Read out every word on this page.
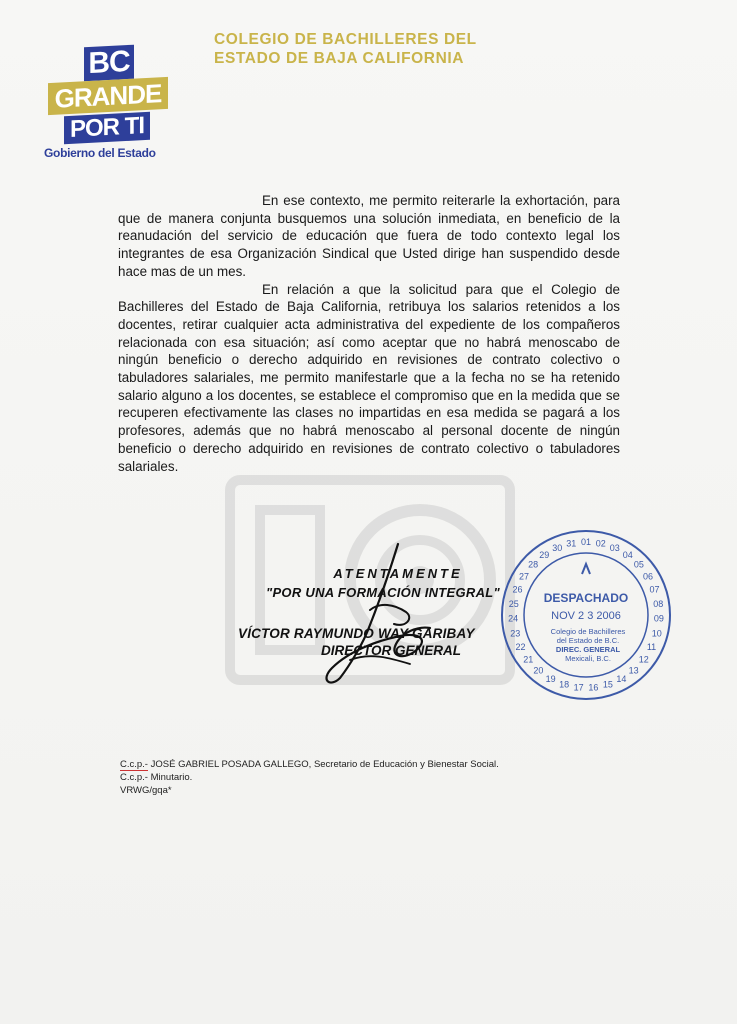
BC
GRANDE
POR TI
Gobierno del Estado
COLEGIO DE BACHILLERES DEL
ESTADO DE BAJA CALIFORNIA

En ese contexto, me permito reiterarle la exhortación, para que de manera conjunta busquemos una solución inmediata, en beneficio de la reanudación del servicio de educación que fuera de todo contexto legal los integrantes de esa Organización Sindical que Usted dirige han suspendido desde hace mas de un mes.

En relación a que la solicitud para que el Colegio de Bachilleres del Estado de Baja California, retribuya los salarios retenidos a los docentes, retirar cualquier acta administrativa del expediente de los compañeros relacionada con esa situación; así como aceptar que no habrá menoscabo de ningún beneficio o derecho adquirido en revisiones de contrato colectivo o tabuladores salariales, me permito manifestarle que a la fecha no se ha retenido salario alguno a los docentes, se establece el compromiso que en la medida que se recuperen efectivamente las clases no impartidas en esa medida se pagará a los profesores, además que no habrá menoscabo al personal docente de ningún beneficio o derecho adquirido en revisiones de contrato colectivo o tabuladores salariales.

ATENTAMENTE
"POR UNA FORMACIÓN INTEGRAL"
VÍCTOR RAYMUNDO WAY GARIBAY
DIRECTOR GENERAL
01 02 03
04
05
06
07
08
09
10
11
12
13
14
15
16
17
18
19
20
21
22
23
24
25
26
27
28
29
30 31
DESPACHADO
NOV 2 3 2006
Colegio de Bachilleres
del Estado de B.C.
DIREC. GENERAL
Mexicali, B.C.
C.c.p.- JOSÉ GABRIEL POSADA GALLEGO, Secretario de Educación y Bienestar Social.
C.c.p.- Minutario.
VRWG/gqa*
